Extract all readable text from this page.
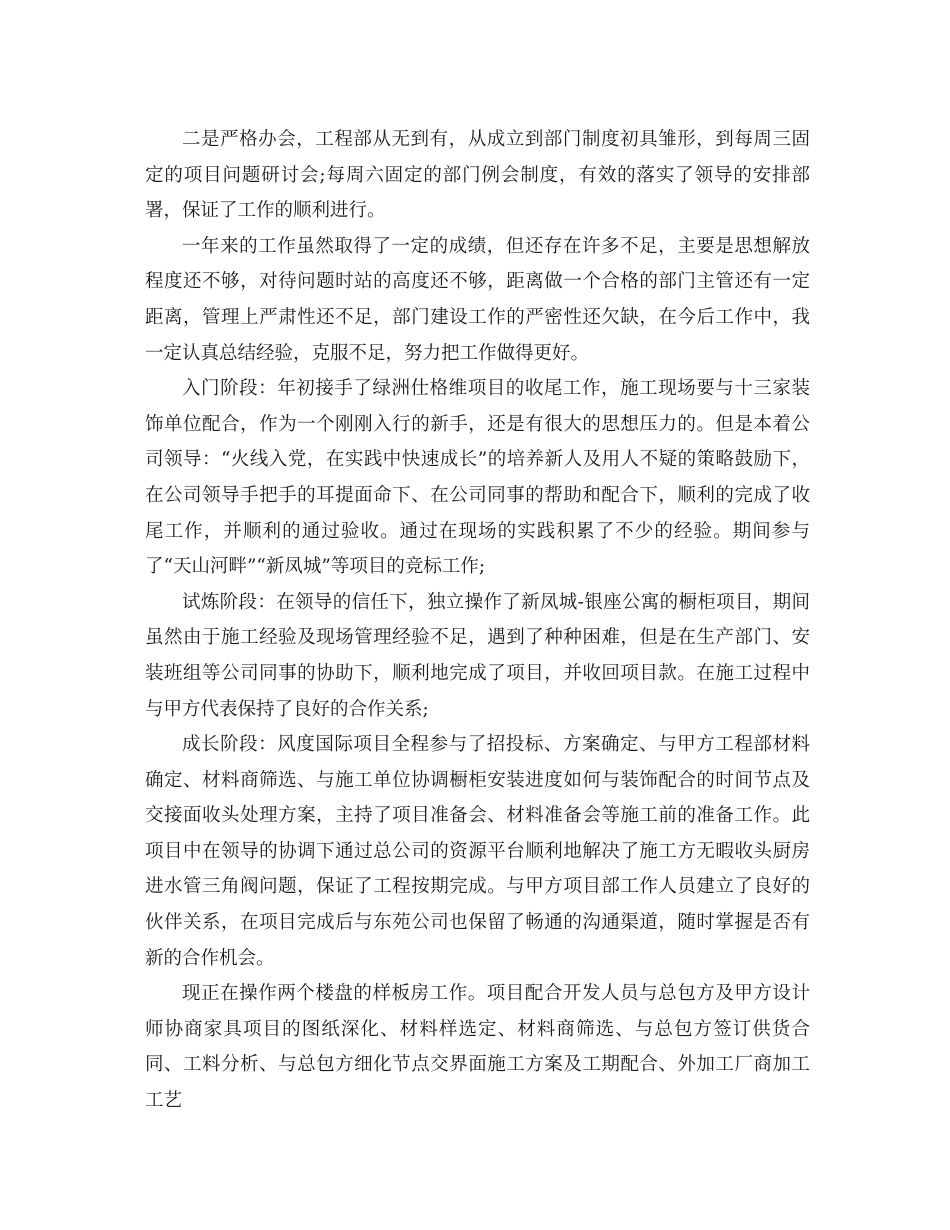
二是严格办会，工程部从无到有，从成立到部门制度初具雏形，到每周三固定的项目问题研讨会;每周六固定的部门例会制度，有效的落实了领导的安排部署，保证了工作的顺利进行。

一年来的工作虽然取得了一定的成绩，但还存在许多不足，主要是思想解放程度还不够，对待问题时站的高度还不够，距离做一个合格的部门主管还有一定距离，管理上严肃性还不足，部门建设工作的严密性还欠缺，在今后工作中，我一定认真总结经验，克服不足，努力把工作做得更好。

入门阶段：年初接手了绿洲仕格维项目的收尾工作，施工现场要与十三家装饰单位配合，作为一个刚刚入行的新手，还是有很大的思想压力的。但是本着公司领导：“火线入党，在实践中快速成长”的培养新人及用人不疑的策略鼓励下，在公司领导手把手的耳提面命下、在公司同事的帮助和配合下，顺利的完成了收尾工作，并顺利的通过验收。通过在现场的实践积累了不少的经验。期间参与了“天山河畔”“新凤城”等项目的竞标工作;

试炼阶段：在领导的信任下，独立操作了新凤城-银座公寓的橱柜项目，期间虽然由于施工经验及现场管理经验不足，遇到了种种困难，但是在生产部门、安装班组等公司同事的协助下，顺利地完成了项目，并收回项目款。在施工过程中与甲方代表保持了良好的合作关系;

成长阶段：风度国际项目全程参与了招投标、方案确定、与甲方工程部材料确定、材料商筛选、与施工单位协调橱柜安装进度如何与装饰配合的时间节点及交接面收头处理方案，主持了项目准备会、材料准备会等施工前的准备工作。此项目中在领导的协调下通过总公司的资源平台顺利地解决了施工方无暇收头厨房进水管三角阀问题，保证了工程按期完成。与甲方项目部工作人员建立了良好的伙伴关系，在项目完成后与东苑公司也保留了畅通的沟通渠道，随时掌握是否有新的合作机会。

现正在操作两个楼盘的样板房工作。项目配合开发人员与总包方及甲方设计师协商家具项目的图纸深化、材料样选定、材料商筛选、与总包方签订供货合同、工料分析、与总包方细化节点交界面施工方案及工期配合、外加工厂商加工工艺
